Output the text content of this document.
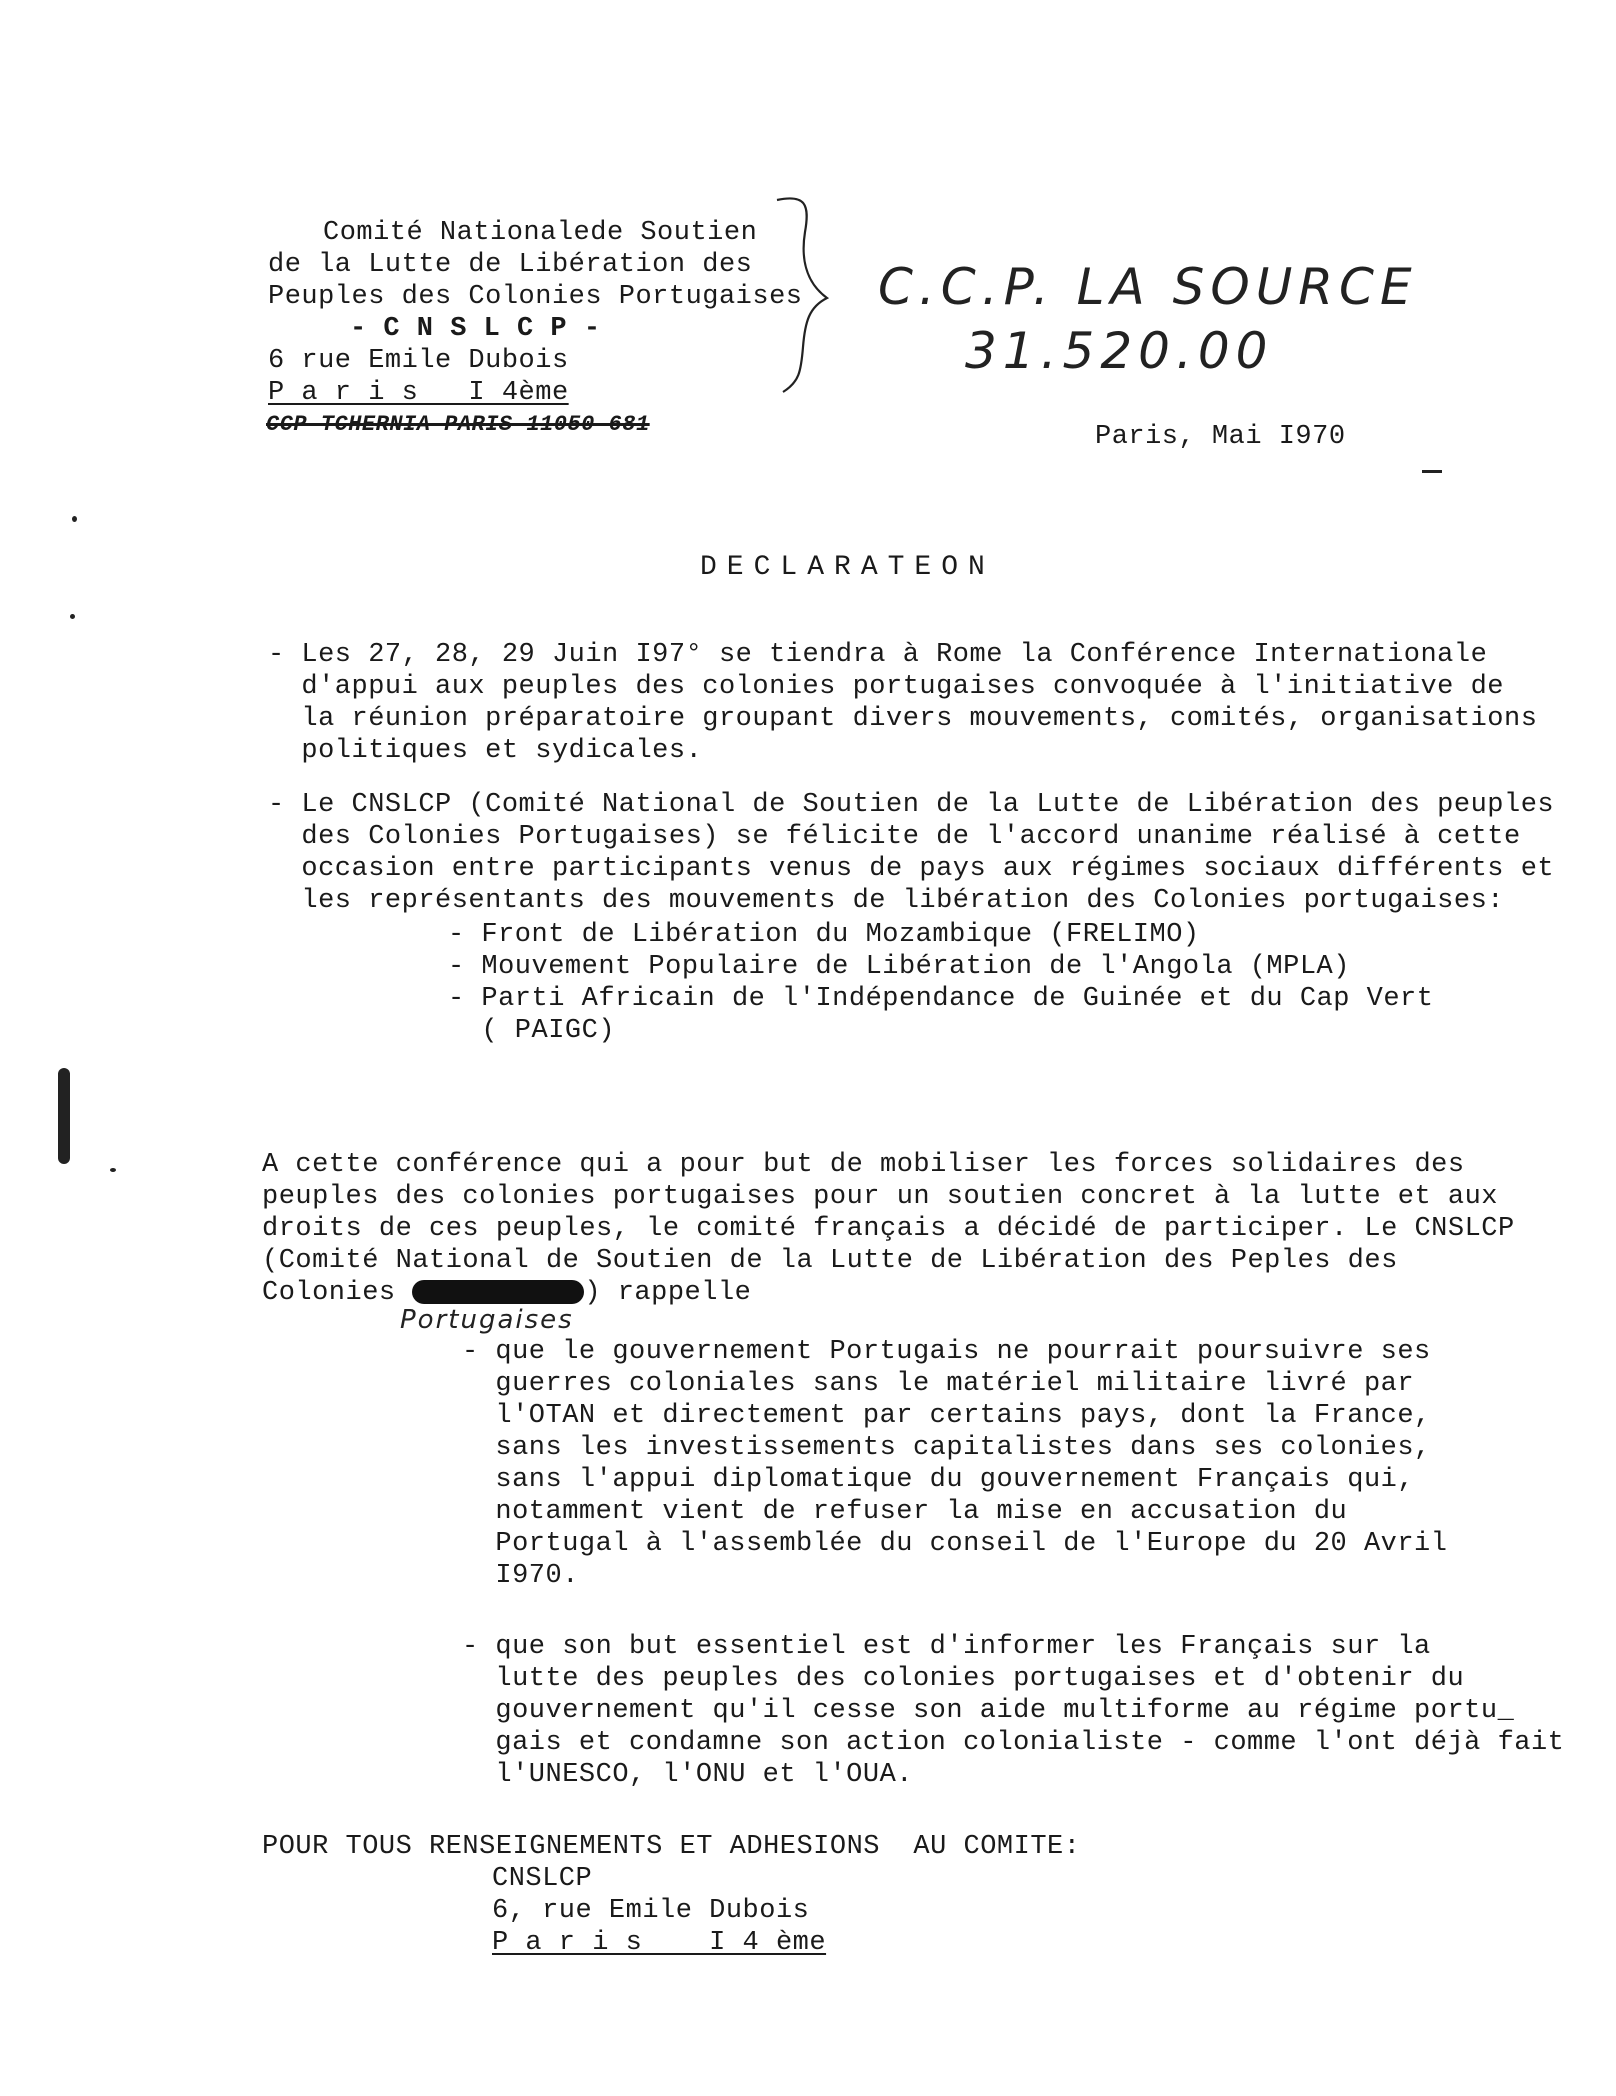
Comité Nationalede Soutien

de la Lutte de Libération des

Peuples des Colonies Portugaises

- C N S L C P -

6 rue Emile Dubois

P a r i s   I 4ème

CCP TCHERNIA PARIS 11050 681

C.C.P. LA SOURCE
31.520.00
Paris, Mai I970
DECLARATEON

- Les 27, 28, 29 Juin I97° se tiendra à Rome la Conférence Internationale

d'appui aux peuples des colonies portugaises convoquée à l'initiative de

la réunion préparatoire groupant divers mouvements, comités, organisations

politiques et sydicales.

- Le CNSLCP (Comité National de Soutien de la Lutte de Libération des peuples

des Colonies Portugaises) se félicite de l'accord unanime réalisé à cette

occasion entre participants venus de pays aux régimes sociaux différents et

les représentants des mouvements de libération des Colonies portugaises:

- Front de Libération du Mozambique (FRELIMO)

- Mouvement Populaire de Libération de l'Angola (MPLA)

- Parti Africain de l'Indépendance de Guinée et du Cap Vert

( PAIGC)

A cette conférence qui a pour but de mobiliser les forces solidaires des

peuples des colonies portugaises pour un soutien concret à la lutte et aux

droits de ces peuples, le comité français a décidé de participer. Le CNSLCP

(Comité National de Soutien de la Lutte de Libération des Peples des

Colonies	) rappelle

Portugaises

- que le gouvernement Portugais ne pourrait poursuivre ses

guerres coloniales sans le matériel militaire livré par

l'OTAN et directement par certains pays, dont la France,

sans les investissements capitalistes dans ses colonies,

sans l'appui diplomatique du gouvernement Français qui,

notamment vient de refuser la mise en accusation du

Portugal à l'assemblée du conseil de l'Europe du 20 Avril

I970.

- que son but essentiel est d'informer les Français sur la

lutte des peuples des colonies portugaises et d'obtenir du

gouvernement qu'il cesse son aide multiforme au régime portu_

gais et condamne son action colonialiste - comme l'ont déjà fait

l'UNESCO, l'ONU et l'OUA.

POUR TOUS RENSEIGNEMENTS ET ADHESIONS  AU COMITE:

CNSLCP

6, rue Emile Dubois

P a r i s    I 4 ème
